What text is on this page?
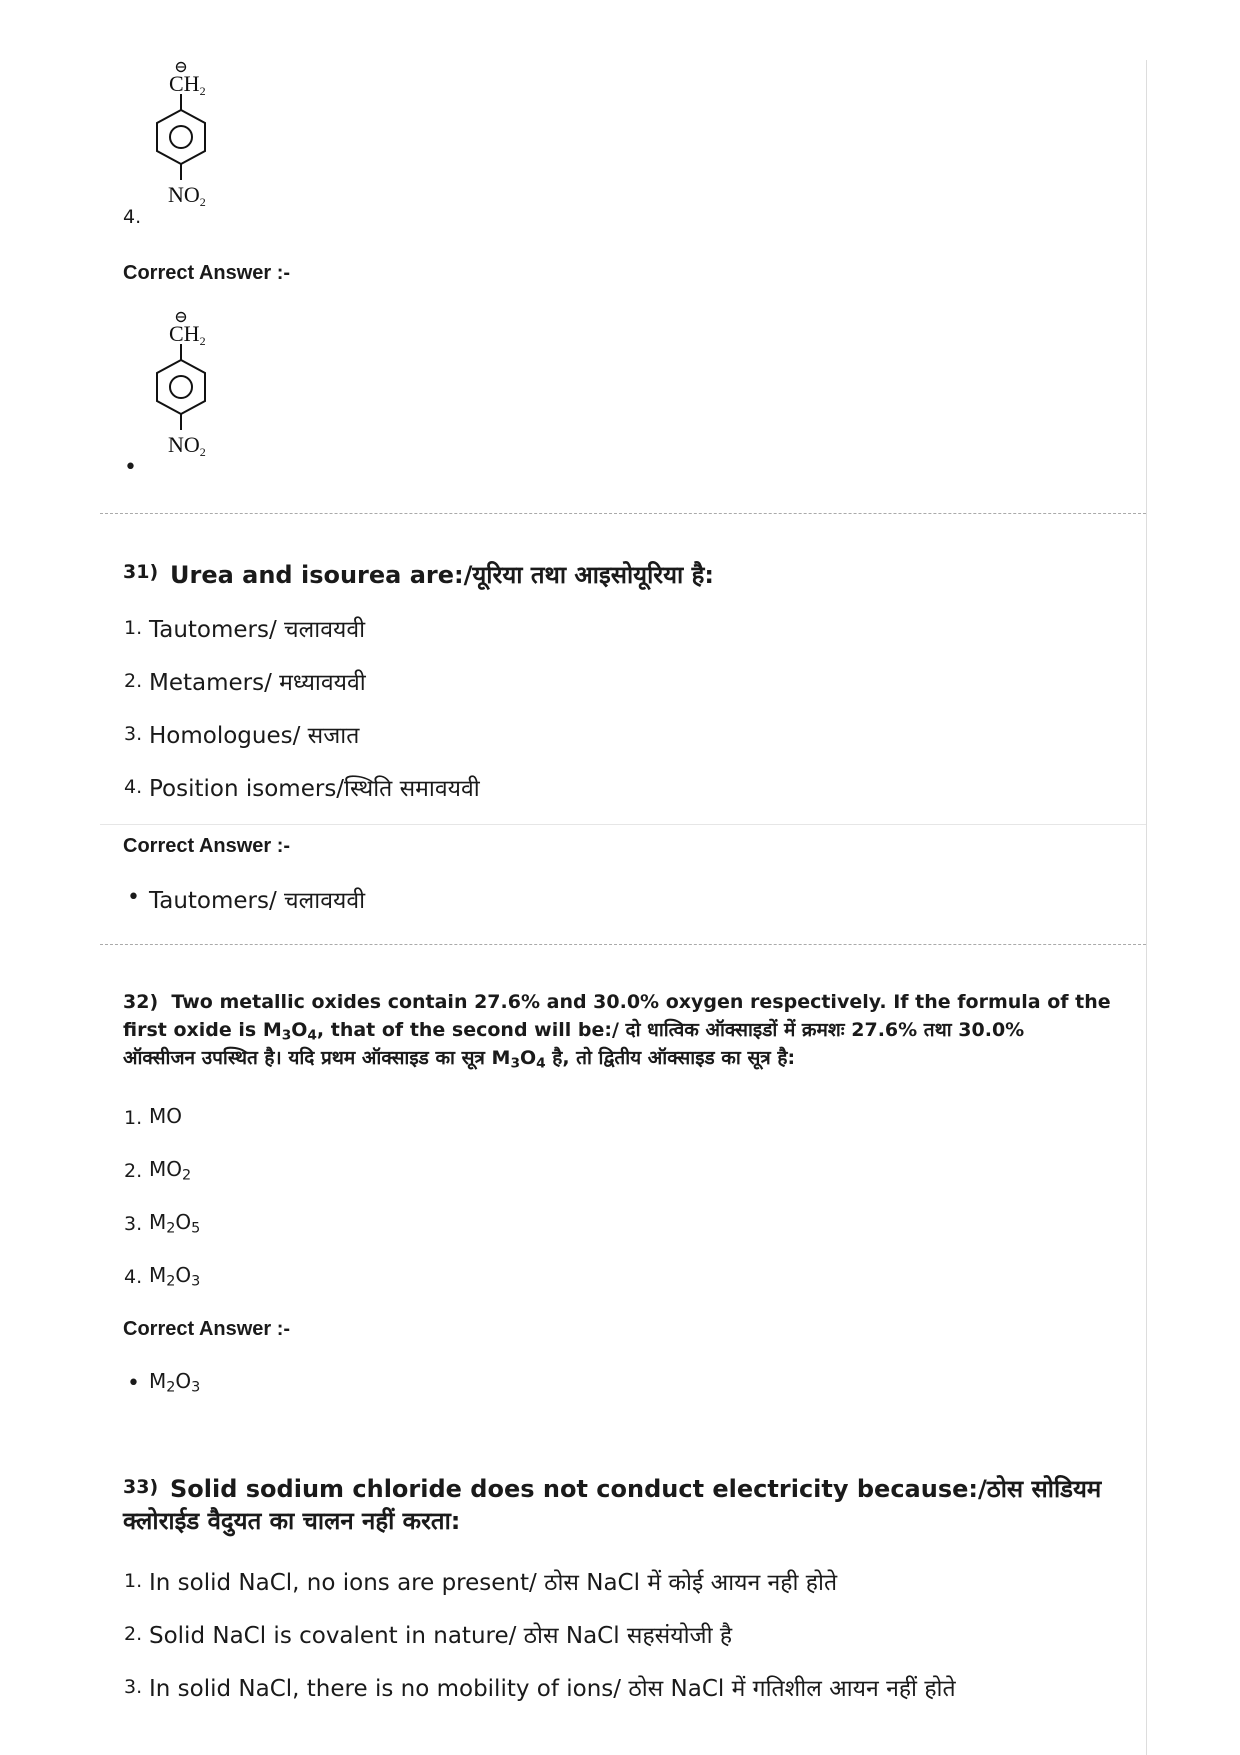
CH2
NO2
4.
Correct Answer :-
CH2
NO2
•
31) Urea and isourea are:/यूरिया तथा आइसोयूरिया है:
1. Tautomers/ चलावयवी
2. Metamers/ मध्यावयवी
3. Homologues/ सजात
4. Position isomers/स्थिति समावयवी
Correct Answer :-
• Tautomers/ चलावयवी
32) Two metallic oxides contain 27.6% and 30.0% oxygen respectively. If the formula of the
first oxide is $M_3O_4$, that of the second will be:/ दो धात्विक ऑक्साइडों में क्रमशः 27.6% तथा 30.0%
ऑक्सीजन उपस्थित है। यदि प्रथम ऑक्साइड का सूत्र $M_3O_4$ है, तो द्वितीय ऑक्साइड का सूत्र है:
1. MO
2. $MO_2$
3. $M_2O_5$
4. $M_2O_3$
Correct Answer :-
• $M_2O_3$
33) Solid sodium chloride does not conduct electricity because:/ठोस सोडियम
क्लोराईड वैदुयत का चालन नहीं करता:
1. In solid NaCl, no ions are present/ ठोस NaCl में कोई आयन नही होते
2. Solid NaCl is covalent in nature/ ठोस NaCl सहसंयोजी है
3. In solid NaCl, there is no mobility of ions/ ठोस NaCl में गतिशील आयन नहीं होते
